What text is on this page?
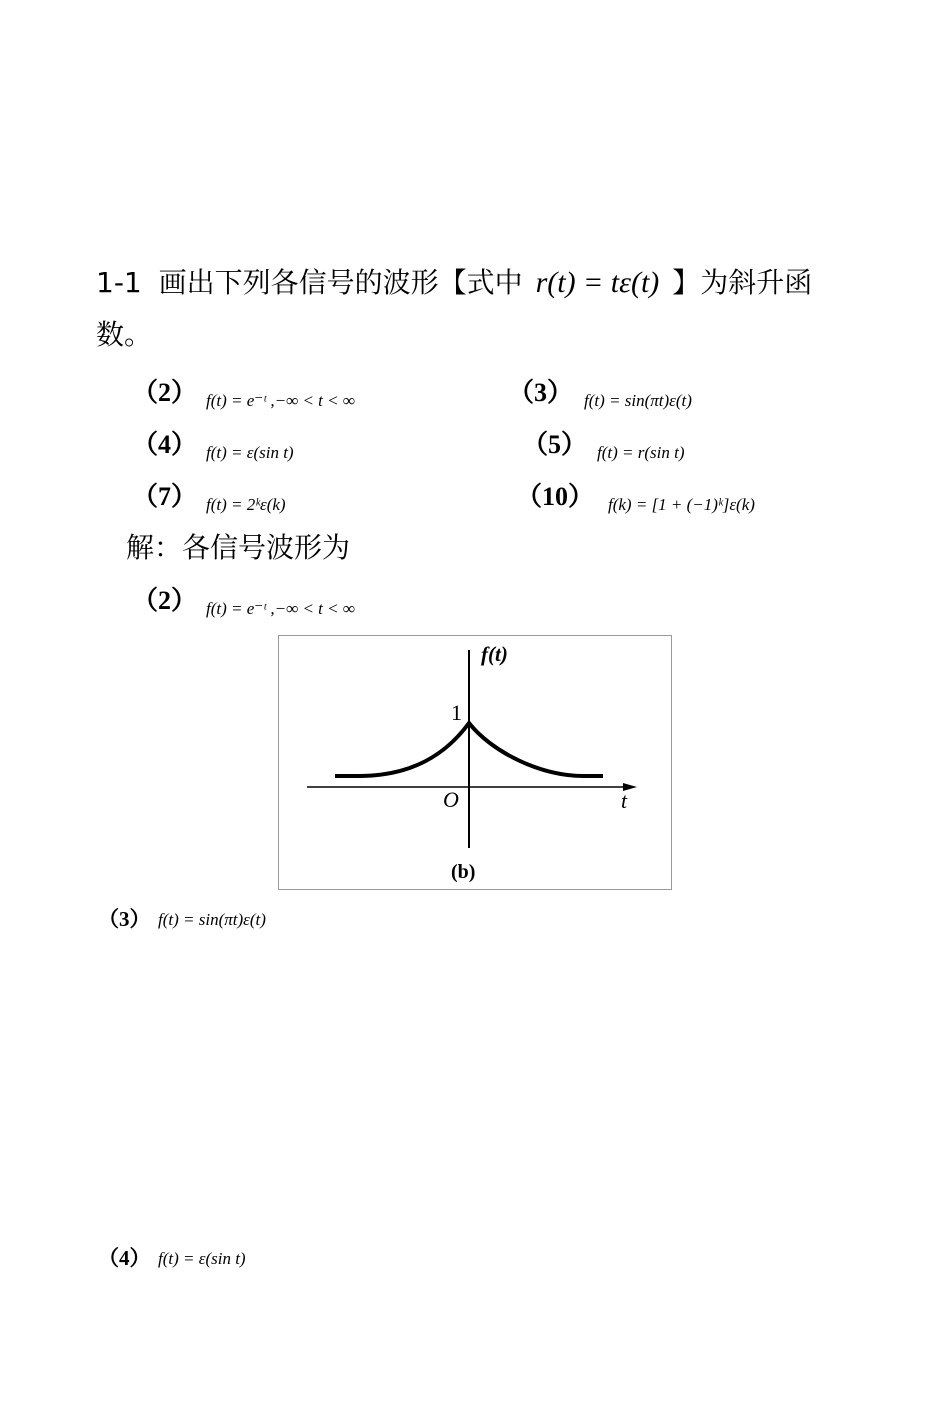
1-1 画出下列各信号的波形【式中 r(t) = tε(t) 】为斜升函
数。
（2） f(t) = e⁻ᵗ ,−∞ < t < ∞	（3） f(t) = sin(πt)ε(t)
（4） f(t) = ε(sin t)	（5） f(t) = r(sin t)
（7） f(t) = 2ᵏε(k)	（10） f(k) = [1 + (−1)ᵏ]ε(k)
解：各信号波形为
（2） f(t) = e⁻ᵗ ,−∞ < t < ∞
f(t)
t
O
1
(b)
（3） f(t) = sin(πt)ε(t)
（4） f(t) = ε(sin t)
